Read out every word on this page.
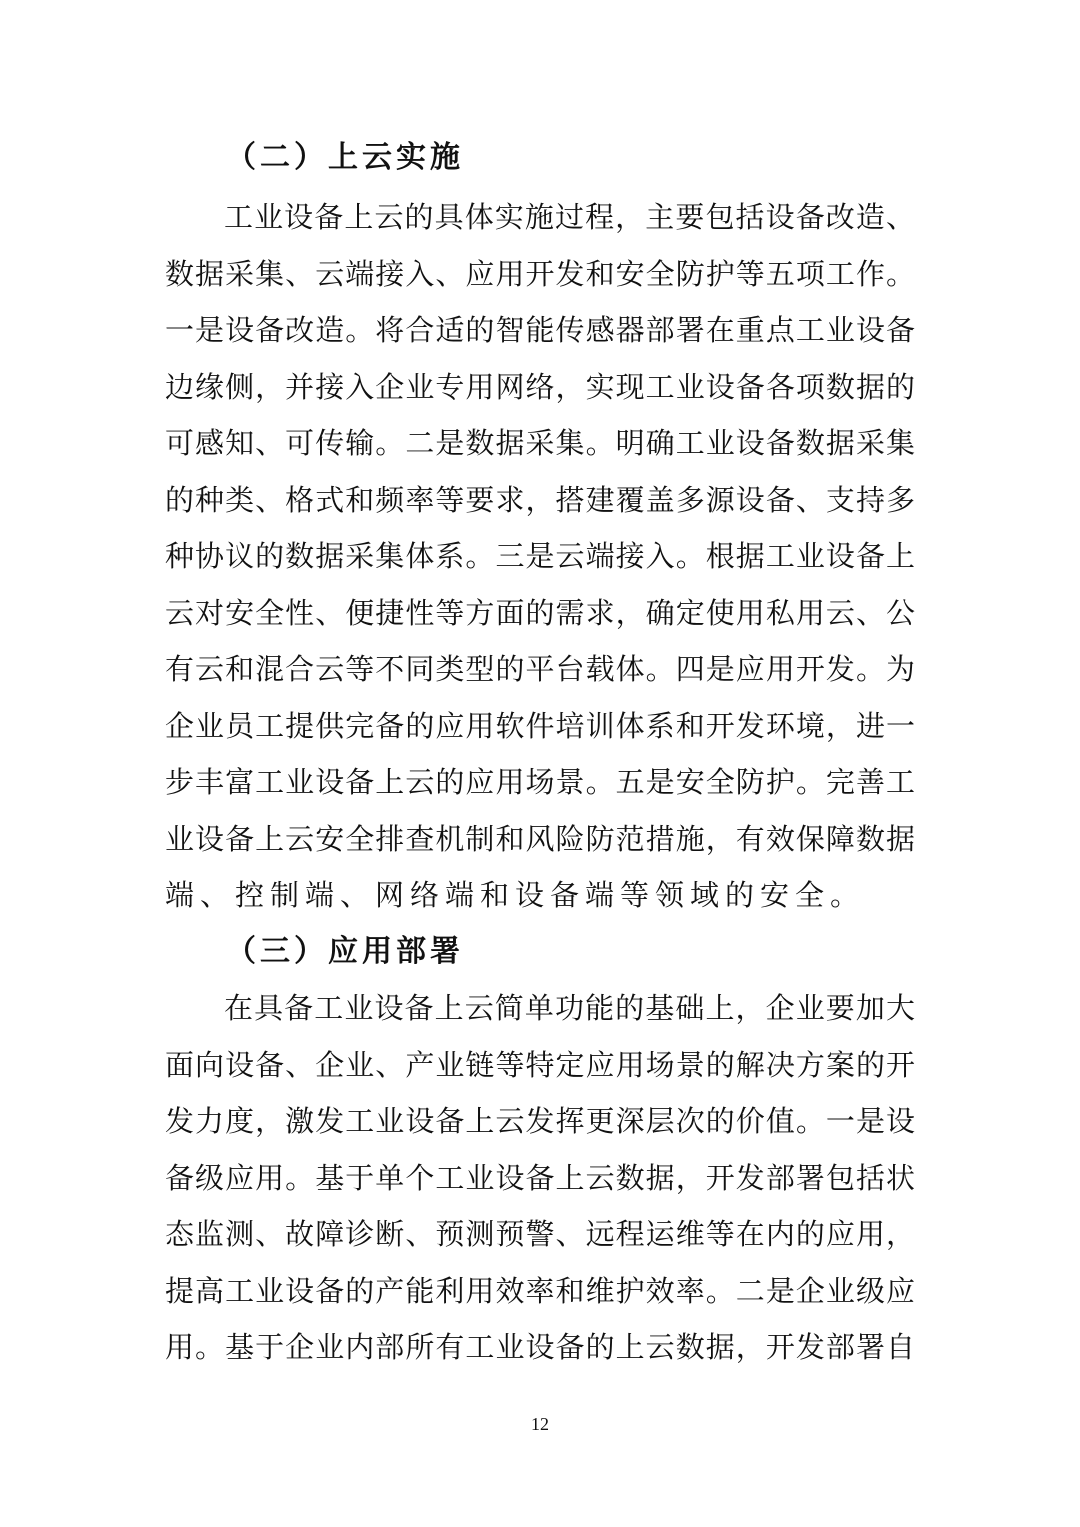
（二）上云实施
工业设备上云的具体实施过程，主要包括设备改造、
数据采集、云端接入、应用开发和安全防护等五项工作。
一是设备改造。将合适的智能传感器部署在重点工业设备
边缘侧，并接入企业专用网络，实现工业设备各项数据的
可感知、可传输。二是数据采集。明确工业设备数据采集
的种类、格式和频率等要求，搭建覆盖多源设备、支持多
种协议的数据采集体系。三是云端接入。根据工业设备上
云对安全性、便捷性等方面的需求，确定使用私用云、公
有云和混合云等不同类型的平台载体。四是应用开发。为
企业员工提供完备的应用软件培训体系和开发环境，进一
步丰富工业设备上云的应用场景。五是安全防护。完善工
业设备上云安全排查机制和风险防范措施，有效保障数据
端、控制端、网络端和设备端等领域的安全。
（三）应用部署
在具备工业设备上云简单功能的基础上，企业要加大
面向设备、企业、产业链等特定应用场景的解决方案的开
发力度，激发工业设备上云发挥更深层次的价值。一是设
备级应用。基于单个工业设备上云数据，开发部署包括状
态监测、故障诊断、预测预警、远程运维等在内的应用，
提高工业设备的产能利用效率和维护效率。二是企业级应
用。基于企业内部所有工业设备的上云数据，开发部署自
12
